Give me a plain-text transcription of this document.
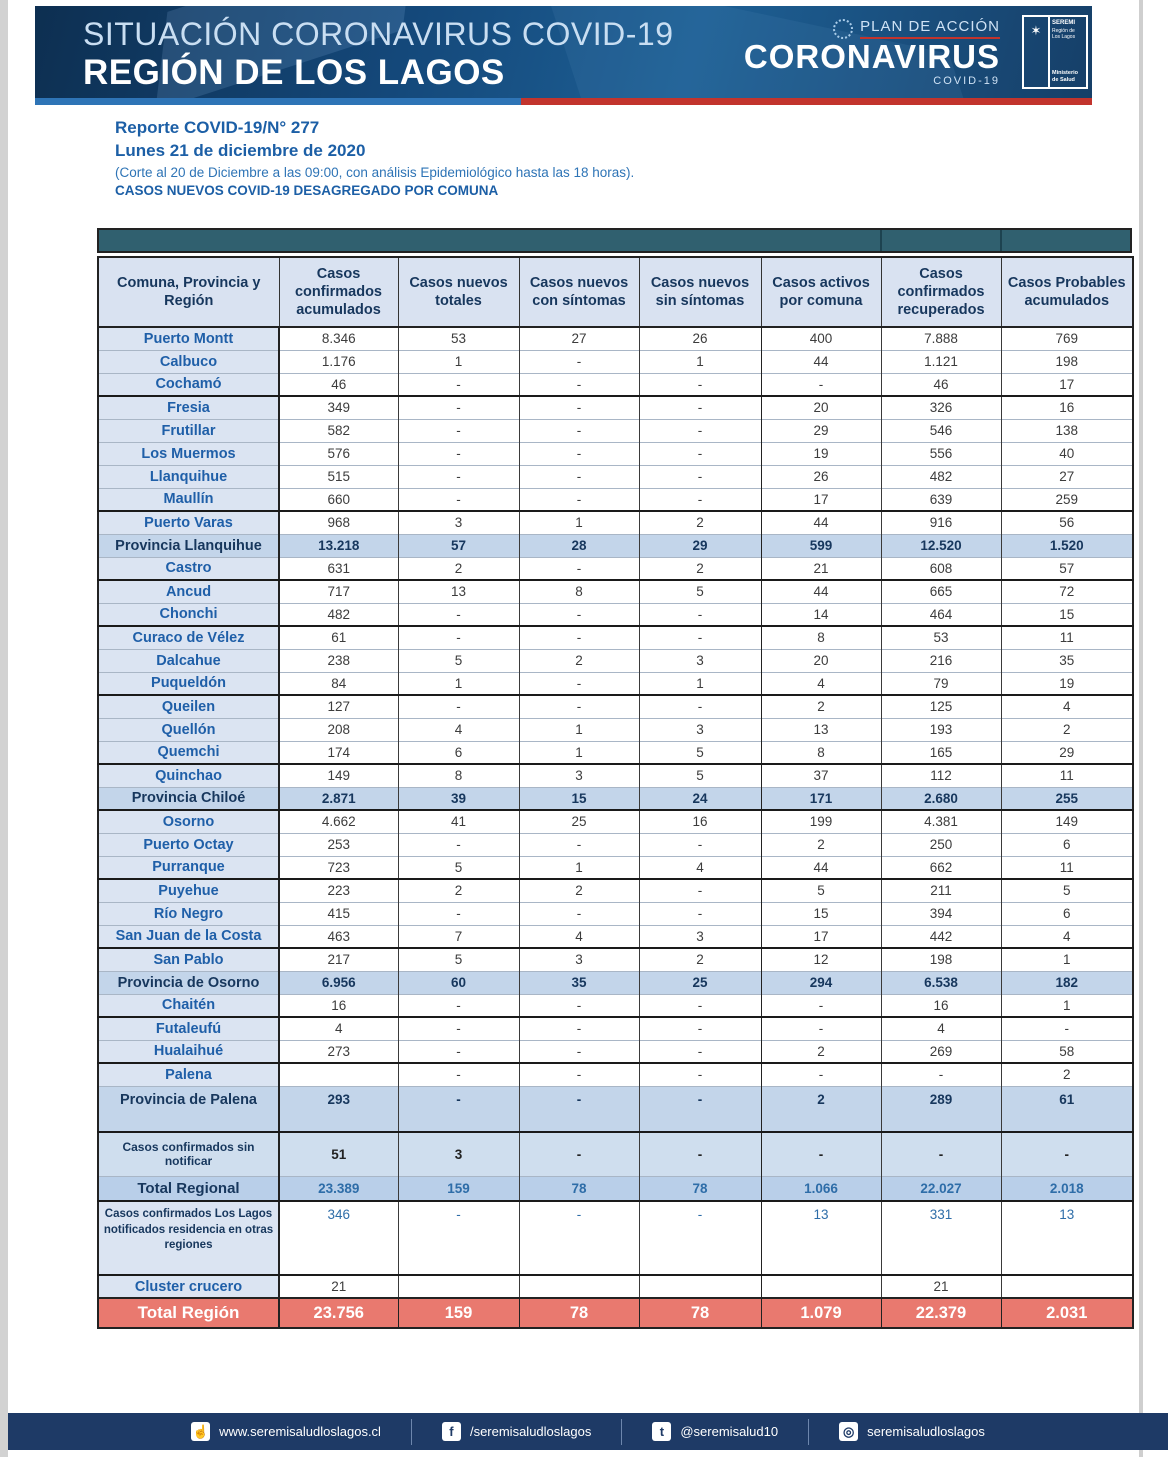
SITUACIÓN CORONAVIRUS COVID-19
REGIÓN DE LOS LAGOS
PLAN DE ACCIÓN
CORONAVIRUS
COVID-19
✶	SEREMI
Región de Los Lagos
Ministerio de Salud

Reporte COVID-19/N° 277

Lunes 21 de diciembre de 2020

(Corte al 20 de Diciembre a las 09:00, con análisis Epidemiológico hasta las 18 horas).

CASOS NUEVOS COVID-19 DESAGREGADO POR COMUNA

Comuna, Provincia y Región	Casos confirmados acumulados	Casos nuevos totales	Casos nuevos con síntomas	Casos nuevos sin síntomas	Casos activos por comuna	Casos confirmados recuperados	Casos Probables acumulados
Puerto Montt	8.346	53	27	26	400	7.888	769
Calbuco	1.176	1	-	1	44	1.121	198
Cochamó	46	-	-	-	-	46	17
Fresia	349	-	-	-	20	326	16
Frutillar	582	-	-	-	29	546	138
Los Muermos	576	-	-	-	19	556	40
Llanquihue	515	-	-	-	26	482	27
Maullín	660	-	-	-	17	639	259
Puerto Varas	968	3	1	2	44	916	56
Provincia Llanquihue	13.218	57	28	29	599	12.520	1.520
Castro	631	2	-	2	21	608	57
Ancud	717	13	8	5	44	665	72
Chonchi	482	-	-	-	14	464	15
Curaco de Vélez	61	-	-	-	8	53	11
Dalcahue	238	5	2	3	20	216	35
Puqueldón	84	1	-	1	4	79	19
Queilen	127	-	-	-	2	125	4
Quellón	208	4	1	3	13	193	2
Quemchi	174	6	1	5	8	165	29
Quinchao	149	8	3	5	37	112	11
Provincia Chiloé	2.871	39	15	24	171	2.680	255
Osorno	4.662	41	25	16	199	4.381	149
Puerto Octay	253	-	-	-	2	250	6
Purranque	723	5	1	4	44	662	11
Puyehue	223	2	2	-	5	211	5
Río Negro	415	-	-	-	15	394	6
San Juan de la Costa	463	7	4	3	17	442	4
San Pablo	217	5	3	2	12	198	1
Provincia de Osorno	6.956	60	35	25	294	6.538	182
Chaitén	16	-	-	-	-	16	1
Futaleufú	4	-	-	-	-	4	-
Hualaihué	273	-	-	-	2	269	58
Palena		-	-	-	-	-	2
Provincia de Palena	293	-	-	-	2	289	61
Casos confirmados sin notificar	51	3	-	-	-	-	-
Total Regional	23.389	159	78	78	1.066	22.027	2.018
Casos confirmados Los Lagos notificados residencia en otras regiones	346	-	-	-	13	331	13
Cluster crucero	21					21	
Total Región	23.756	159	78	78	1.079	22.379	2.031
☝ www.seremisaludloslagos.cl	f	/seremisaludloslagos	t	@seremisalud10	◎ seremisaludloslagos
